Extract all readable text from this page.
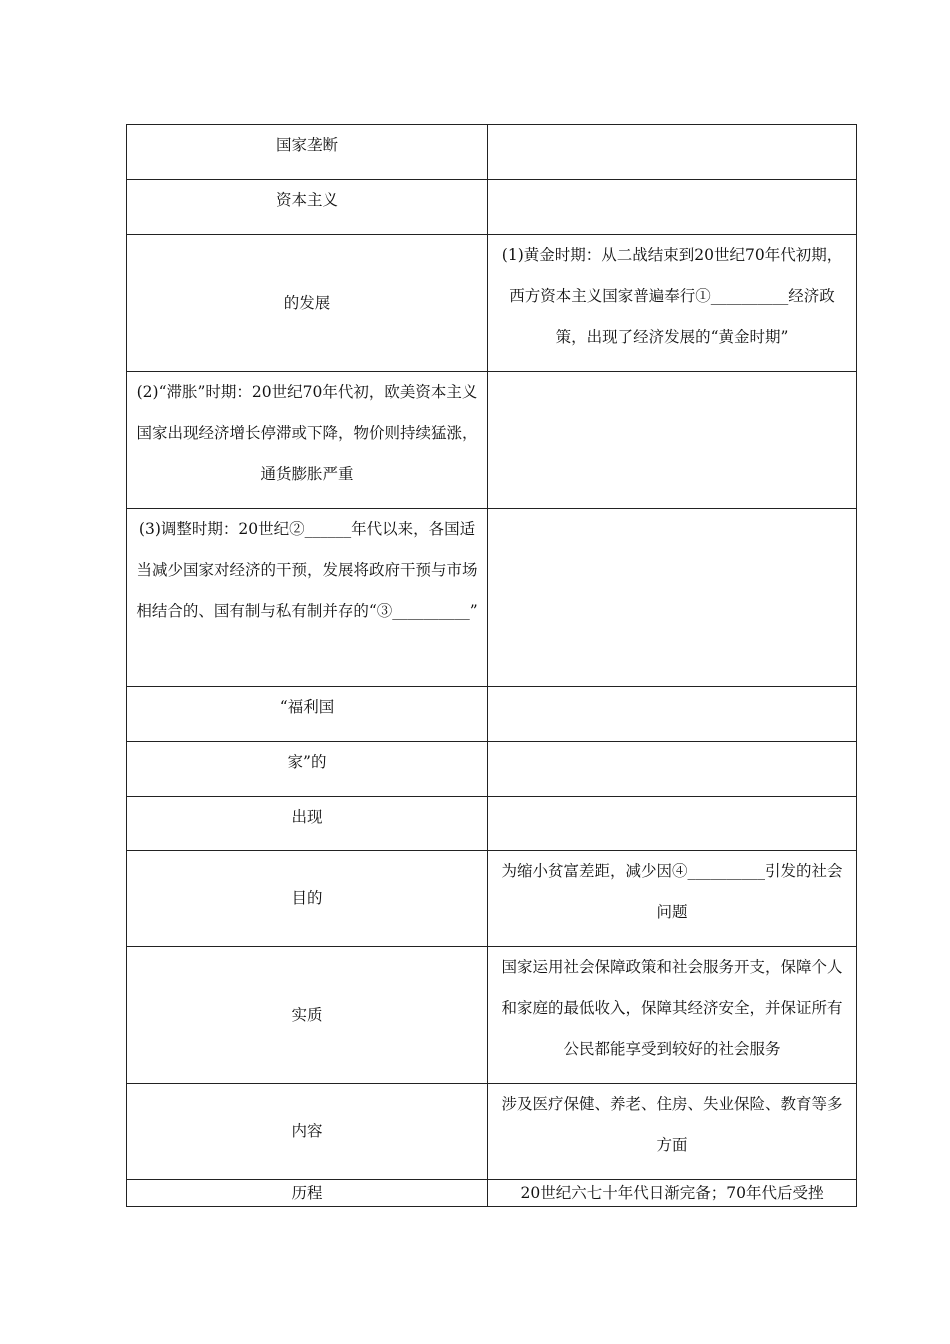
国家垄断	
资本主义	
的发展	(1)黄金时期：从二战结束到20世纪70年代初期，西方资本主义国家普遍奉行①__________经济政策，出现了经济发展的“黄金时期”
(2)“滞胀”时期：20世纪70年代初，欧美资本主义国家出现经济增长停滞或下降，物价则持续猛涨，通货膨胀严重	
(3)调整时期：20世纪②______年代以来，各国适当减少国家对经济的干预，发展将政府干预与市场相结合的、国有制与私有制并存的“③__________”	
“福利国	
家”的	
出现	
目的	为缩小贫富差距，减少因④__________引发的社会问题
实质	国家运用社会保障政策和社会服务开支，保障个人和家庭的最低收入，保障其经济安全，并保证所有公民都能享受到较好的社会服务
内容	涉及医疗保健、养老、住房、失业保险、教育等多方面
历程	20世纪六七十年代日渐完备；70年代后受挫
